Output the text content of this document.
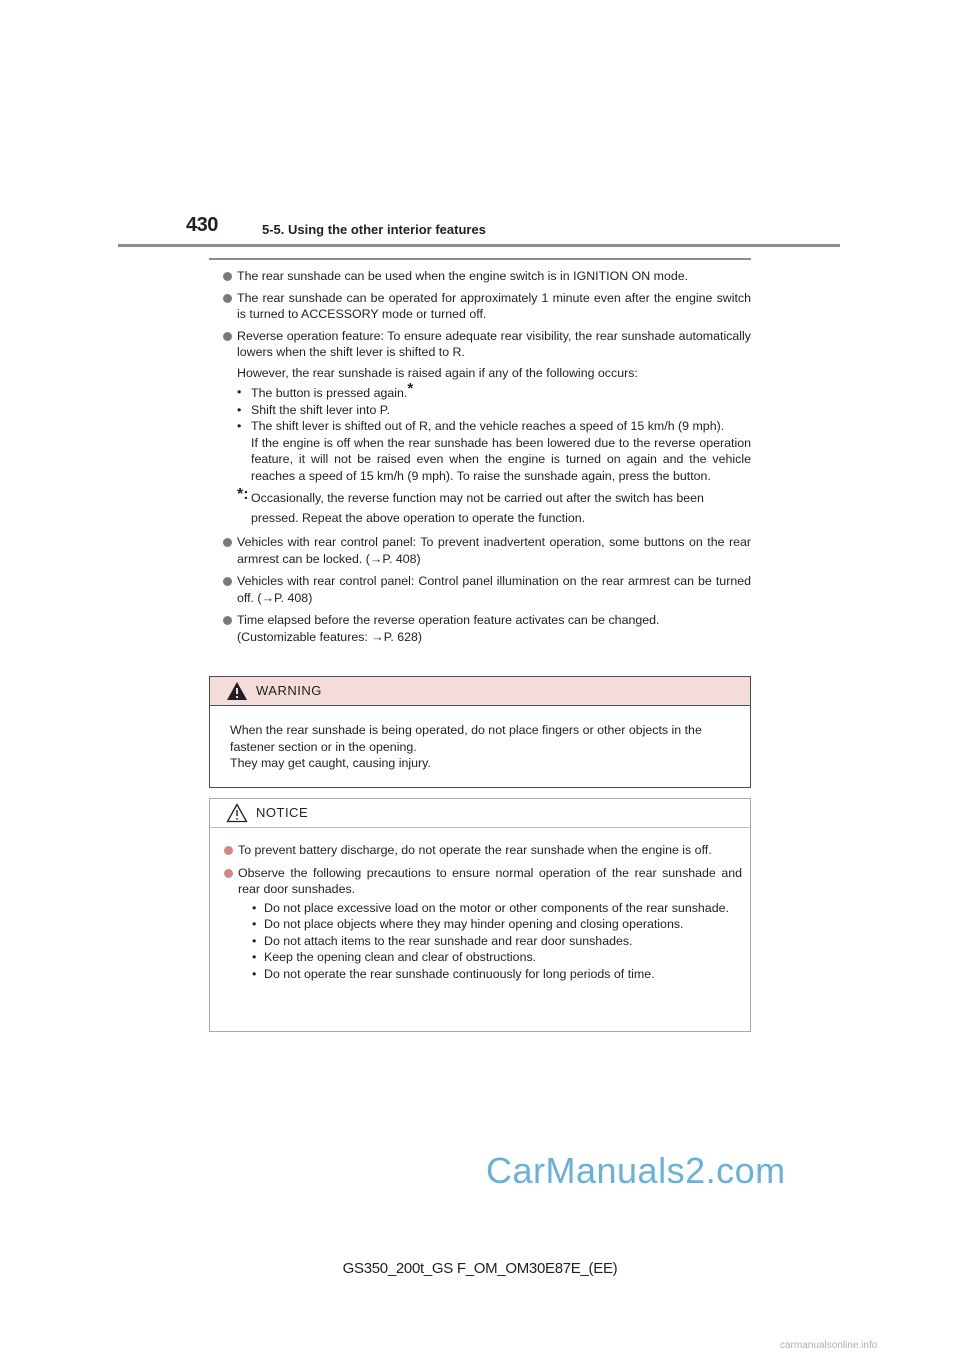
430	5-5. Using the other interior features
The rear sunshade can be used when the engine switch is in IGNITION ON mode.
The rear sunshade can be operated for approximately 1 minute even after the engine switch is turned to ACCESSORY mode or turned off.
Reverse operation feature: To ensure adequate rear visibility, the rear sunshade automatically lowers when the shift lever is shifted to R.
However, the rear sunshade is raised again if any of the following occurs:
• The button is pressed again.*
• Shift the shift lever into P.
• The shift lever is shifted out of R, and the vehicle reaches a speed of 15 km/h (9 mph).
If the engine is off when the rear sunshade has been lowered due to the reverse operation feature, it will not be raised even when the engine is turned on again and the vehicle reaches a speed of 15 km/h (9 mph). To raise the sunshade again, press the button.
*: Occasionally, the reverse function may not be carried out after the switch has been pressed. Repeat the above operation to operate the function.
Vehicles with rear control panel: To prevent inadvertent operation, some buttons on the rear armrest can be locked. (→P. 408)
Vehicles with rear control panel: Control panel illumination on the rear armrest can be turned off. (→P. 408)
Time elapsed before the reverse operation feature activates can be changed.
(Customizable features: →P. 628)
WARNING
When the rear sunshade is being operated, do not place fingers or other objects in the fastener section or in the opening.
They may get caught, causing injury.
NOTICE
To prevent battery discharge, do not operate the rear sunshade when the engine is off.
Observe the following precautions to ensure normal operation of the rear sunshade and rear door sunshades.
• Do not place excessive load on the motor or other components of the rear sunshade.
• Do not place objects where they may hinder opening and closing operations.
• Do not attach items to the rear sunshade and rear door sunshades.
• Keep the opening clean and clear of obstructions.
• Do not operate the rear sunshade continuously for long periods of time.
CarManuals2.com
GS350_200t_GS F_OM_OM30E87E_(EE)
carmanualsonline.info
